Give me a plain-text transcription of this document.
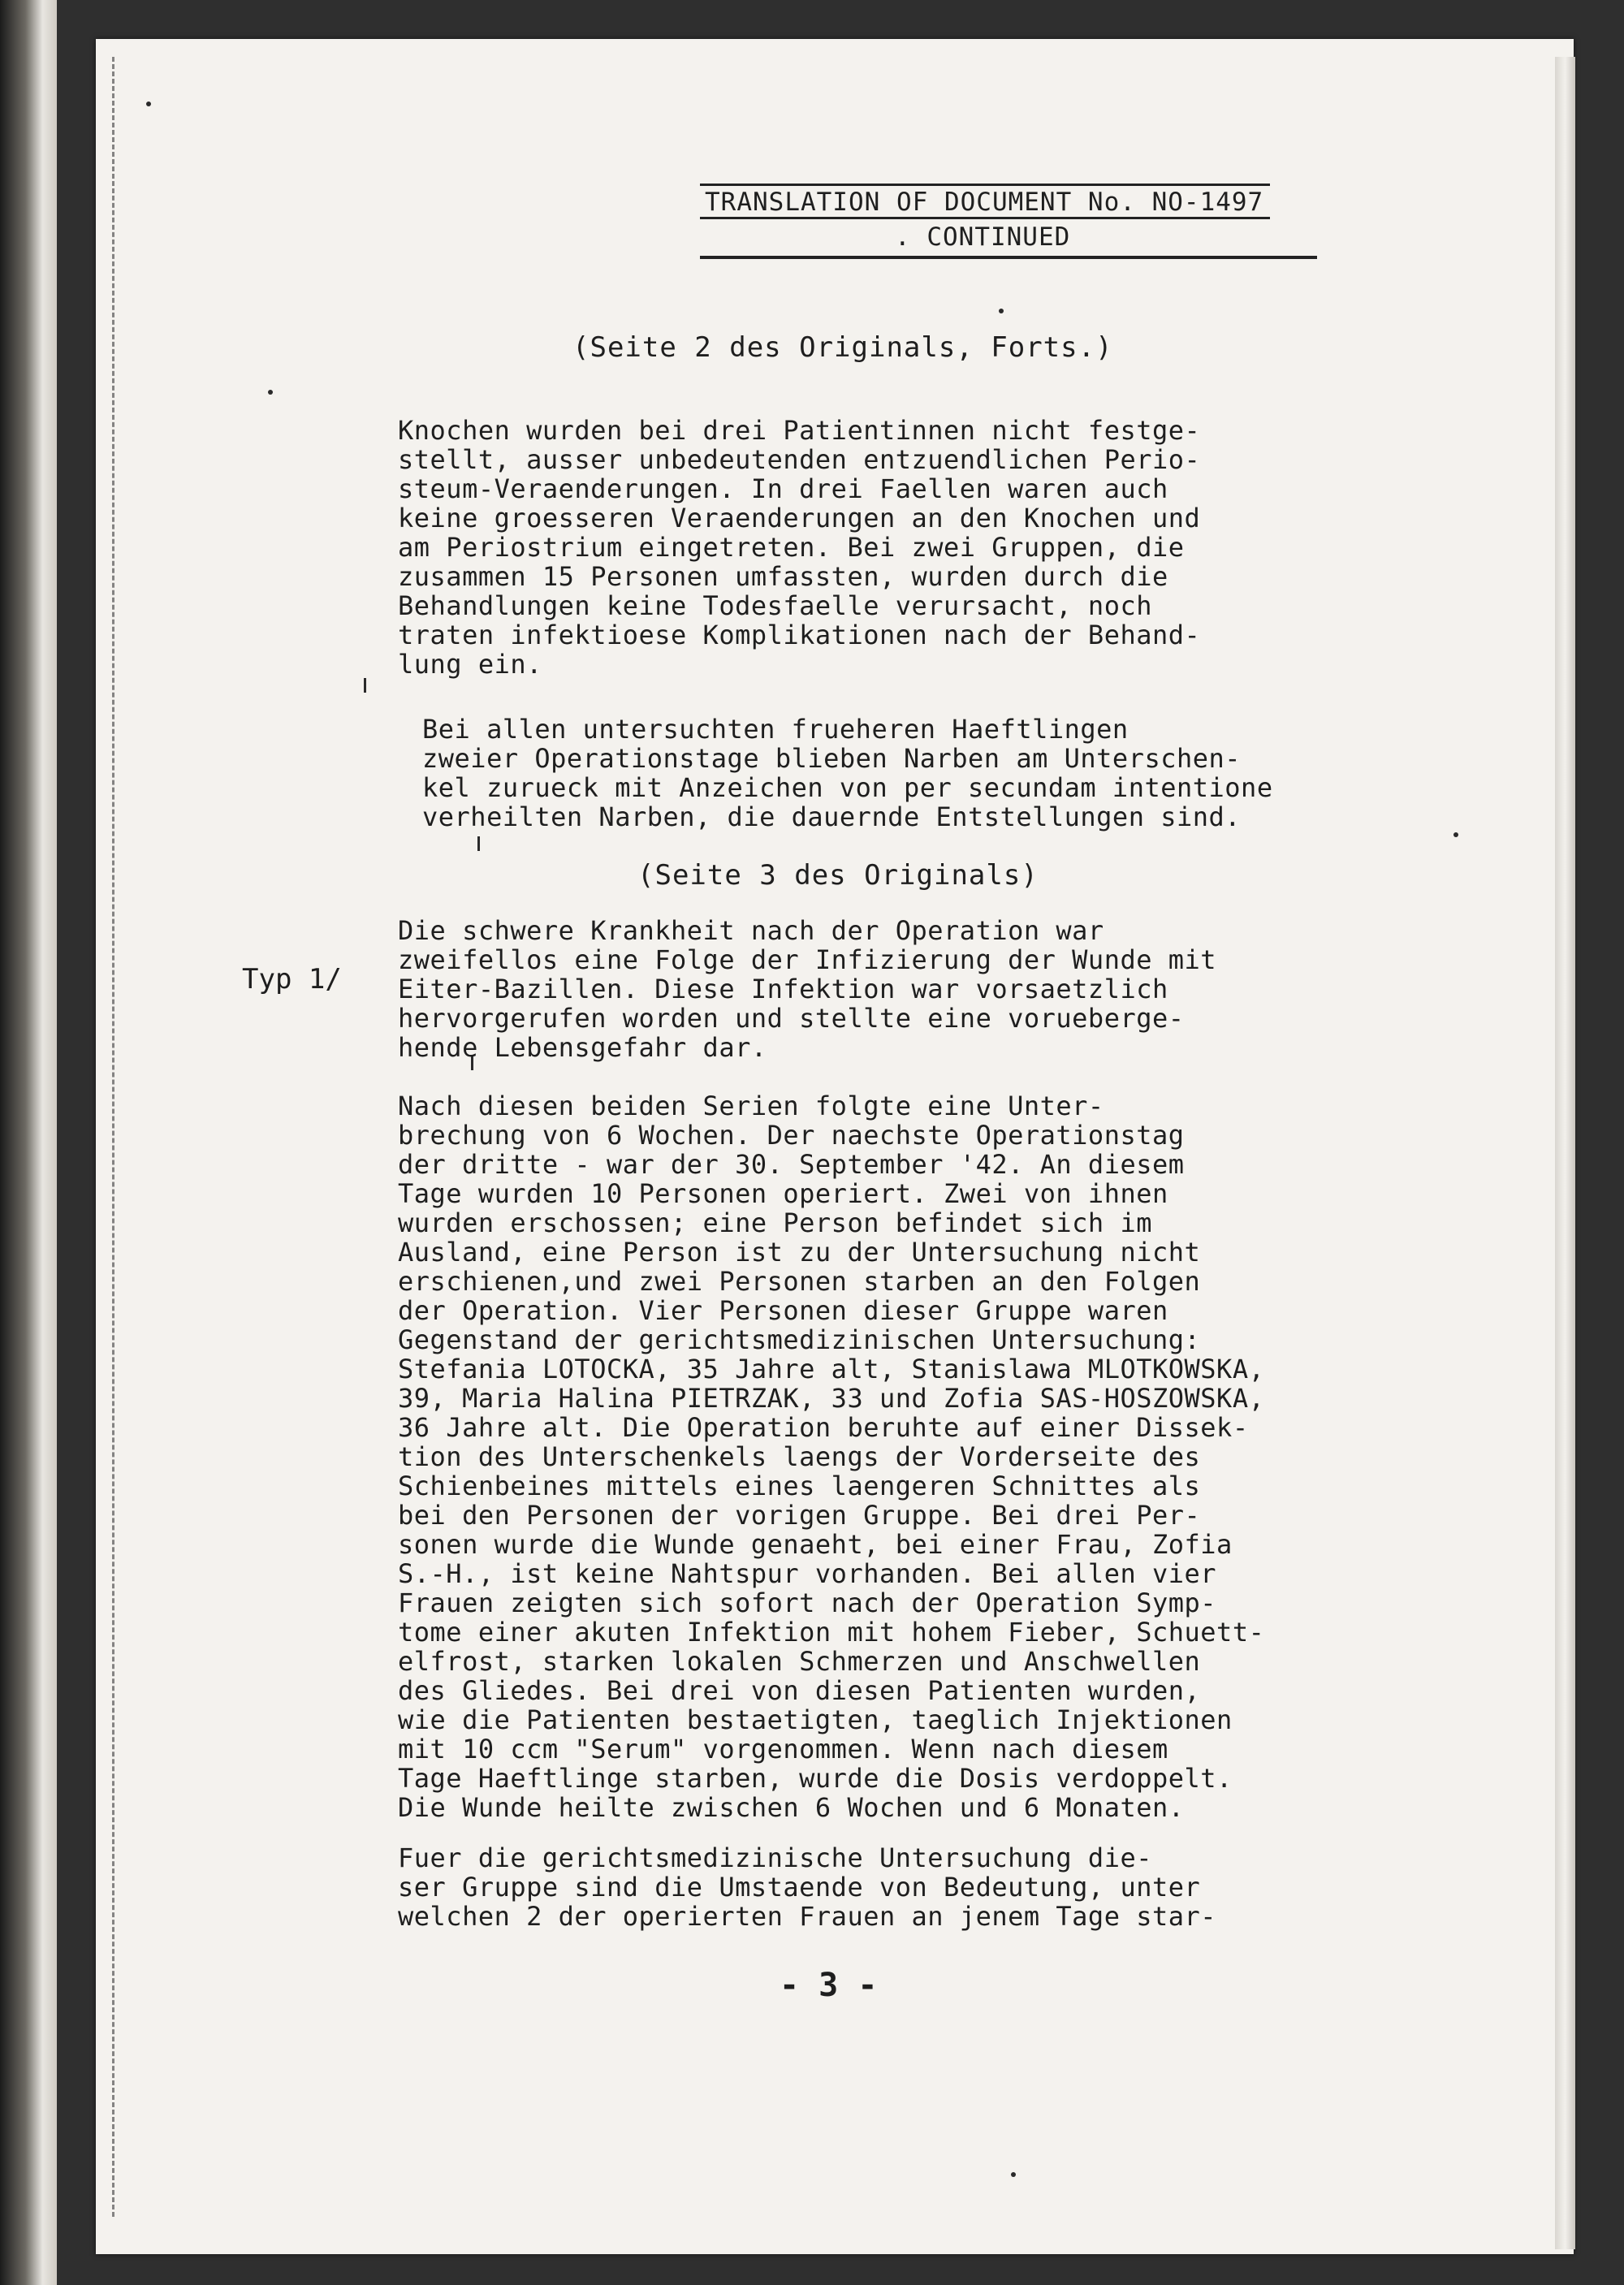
TRANSLATION OF DOCUMENT No. NO-1497
. CONTINUED
(Seite 2 des Originals, Forts.)
Knochen wurden bei drei Patientinnen nicht festge-
stellt, ausser unbedeutenden entzuendlichen Perio-
steum-Veraenderungen. In drei Faellen waren auch
keine groesseren Veraenderungen an den Knochen und
am Periostrium eingetreten. Bei zwei Gruppen, die
zusammen 15 Personen umfassten, wurden durch die
Behandlungen keine Todesfaelle verursacht, noch
traten infektioese Komplikationen nach der Behand-
lung ein.
Bei allen untersuchten frueheren Haeftlingen
zweier Operationstage blieben Narben am Unterschen-
kel zurueck mit Anzeichen von per secundam intentione
verheilten Narben, die dauernde Entstellungen sind.
(Seite 3 des Originals)
Typ 1/
Die schwere Krankheit nach der Operation war
zweifellos eine Folge der Infizierung der Wunde mit
Eiter-Bazillen. Diese Infektion war vorsaetzlich
hervorgerufen worden und stellte eine vorueberge-
hende Lebensgefahr dar.
Nach diesen beiden Serien folgte eine Unter-
brechung von 6 Wochen. Der naechste Operationstag
der dritte - war der 30. September '42. An diesem
Tage wurden 10 Personen operiert. Zwei von ihnen
wurden erschossen; eine Person befindet sich im
Ausland, eine Person ist zu der Untersuchung nicht
erschienen,und zwei Personen starben an den Folgen
der Operation. Vier Personen dieser Gruppe waren
Gegenstand der gerichtsmedizinischen Untersuchung:
Stefania LOTOCKA, 35 Jahre alt, Stanislawa MLOTKOWSKA,
39, Maria Halina PIETRZAK, 33 und Zofia SAS-HOSZOWSKA,
36 Jahre alt. Die Operation beruhte auf einer Dissek-
tion des Unterschenkels laengs der Vorderseite des
Schienbeines mittels eines laengeren Schnittes als
bei den Personen der vorigen Gruppe. Bei drei Per-
sonen wurde die Wunde genaeht, bei einer Frau, Zofia
S.-H., ist keine Nahtspur vorhanden. Bei allen vier
Frauen zeigten sich sofort nach der Operation Symp-
tome einer akuten Infektion mit hohem Fieber, Schuett-
elfrost, starken lokalen Schmerzen und Anschwellen
des Gliedes. Bei drei von diesen Patienten wurden,
wie die Patienten bestaetigten, taeglich Injektionen
mit 10 ccm "Serum" vorgenommen. Wenn nach diesem
Tage Haeftlinge starben, wurde die Dosis verdoppelt.
Die Wunde heilte zwischen 6 Wochen und 6 Monaten.
Fuer die gerichtsmedizinische Untersuchung die-
ser Gruppe sind die Umstaende von Bedeutung, unter
welchen 2 der operierten Frauen an jenem Tage star-
- 3 -
